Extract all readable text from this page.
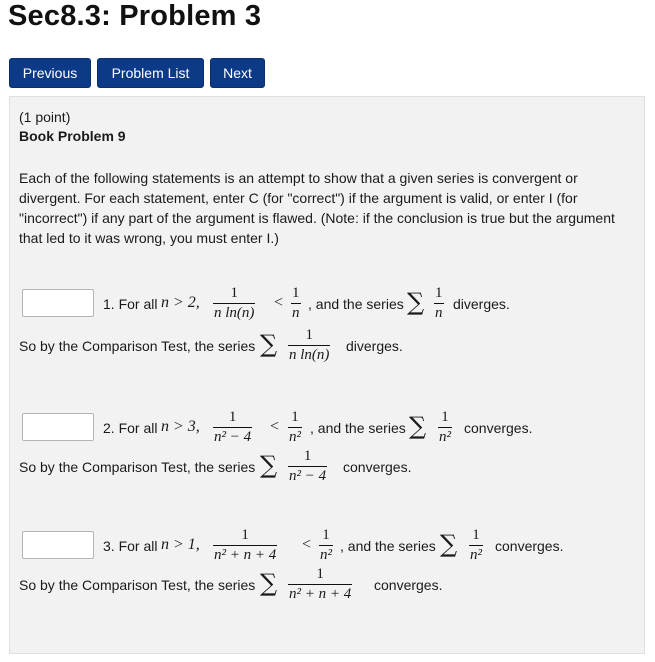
Sec8.3: Problem 3
Previous	Problem List	Next
(1 point)
Book Problem 9

Each of the following statements is an attempt to show that a given series is convergent or divergent. For each statement, enter C (for "correct") if the argument is valid, or enter I (for "incorrect") if any part of the argument is flawed. (Note: if the conclusion is true but the argument that led to it was wrong, you must enter I.)

1. For all n > 2,
1
n ln(n)
<
1
n
, and the series ∑ 1
n
diverges.
So by the Comparison Test, the series ∑ 1
n ln(n)
diverges.
2. For all n > 3,
1
n² − 4
<
1
n²
, and the series ∑ 1
n²
converges.
So by the Comparison Test, the series ∑ 1
n² − 4
converges.
3. For all n > 1,
1
n² + n + 4
<
1
n²
, and the series ∑ 1
n²
converges.
So by the Comparison Test, the series ∑	1
n² + n + 4
converges.
